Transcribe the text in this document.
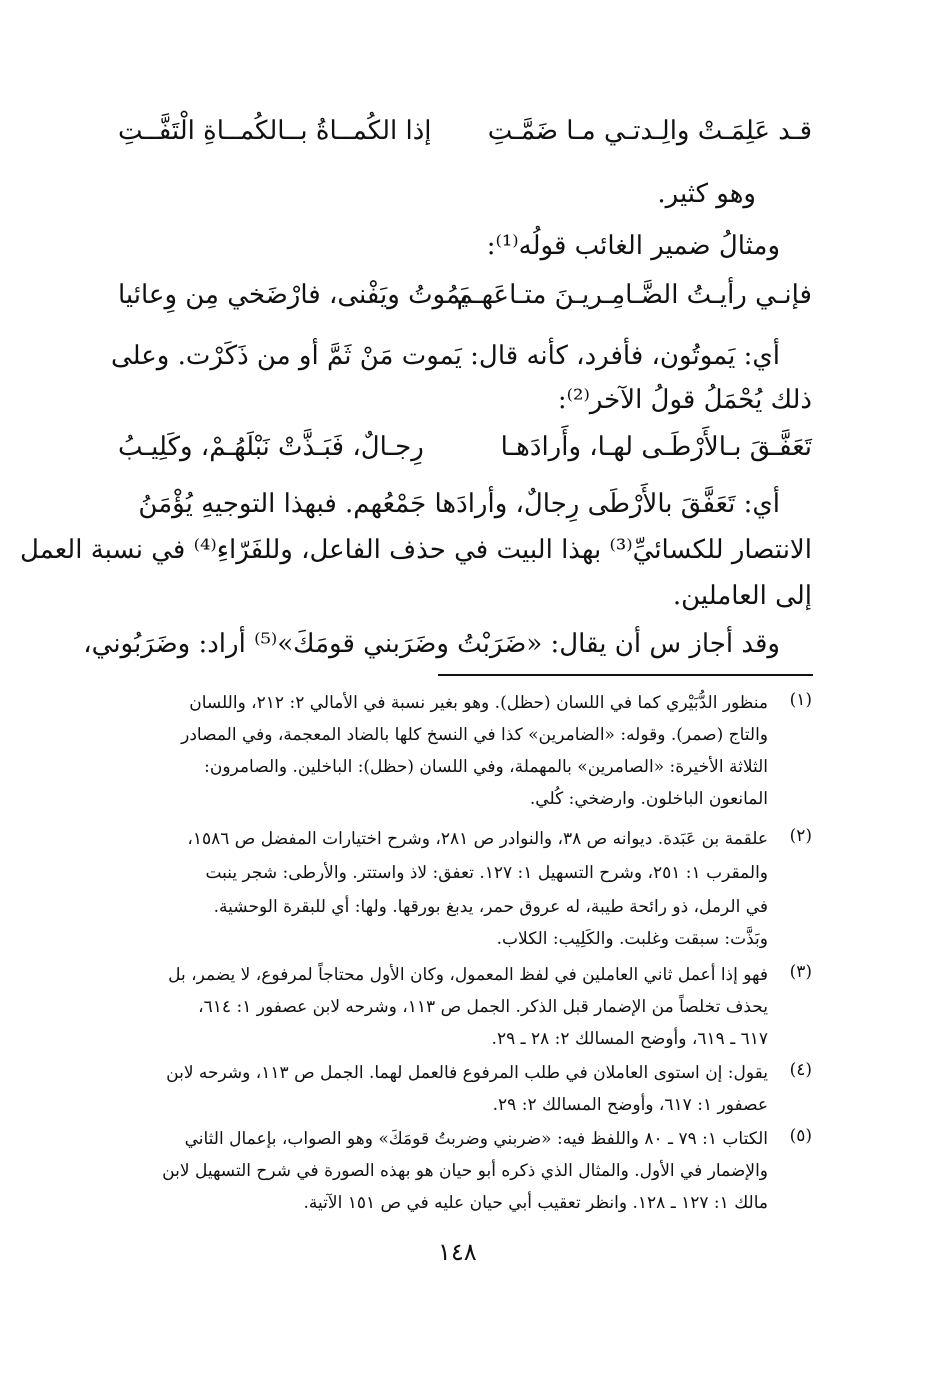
قـد عَلِمَـتْ والِـدتـي مـا ضَمَّـتِ
إذا الكُمــاةُ بــالكُمــاةِ الْتَفَّــتِ
وهو كثير.
ومثالُ ضمير الغائب قولُه⁽¹⁾:
فإنـي رأيـتُ الضَّـامِـريـنَ متـاعَهـم
يَمُوتُ ويَفْنى، فارْضَخي مِن وِعائيا
أي: يَموتُون، فأفرد، كأنه قال: يَموت مَنْ ثَمَّ أو من ذَكَرْت. وعلى
ذلك يُحْمَلُ قولُ الآخر⁽²⁾:
تَعَفَّـقَ بـالأَرْطَـى لهـا، وأَرادَهـا
رِجـالٌ، فَبَـذَّتْ نَبْلَهُـمْ، وكَلِيـبُ
أي: تَعَفَّقَ بالأَرْطَى رِجالٌ، وأرادَها جَمْعُهم. فبهذا التوجيهِ يُؤْمَنُ
الانتصار للكسائيِّ⁽³⁾ بهذا البيت في حذف الفاعل، وللفَرّاءِ⁽⁴⁾ في نسبة العمل
إلى العاملين.
وقد أجاز س أن يقال: «ضَرَبْتُ وضَرَبني قومَكَ»⁽⁵⁾ أراد: وضَرَبُوني،
(١)
منظور الدُّبَيْري كما في اللسان (حظل). وهو بغير نسبة في الأمالي ٢: ٢١٢، واللسان
والتاج (صمر). وقوله: «الضامرين» كذا في النسخ كلها بالضاد المعجمة، وفي المصادر
الثلاثة الأخيرة: «الصامرين» بالمهملة، وفي اللسان (حظل): الباخلين. والصامرون:
المانعون الباخلون. وارضخي: كُلي.
(٢)
علقمة بن عَبَدة. ديوانه ص ٣٨، والنوادر ص ٢٨١، وشرح اختيارات المفضل ص ١٥٨٦،
والمقرب ١: ٢٥١، وشرح التسهيل ١: ١٢٧. تعفق: لاذ واستتر. والأرطى: شجر ينبت
في الرمل، ذو رائحة طيبة، له عروق حمر، يدبغ بورقها. ولها: أي للبقرة الوحشية.
وبَذَّت: سبقت وغلبت. والكَلِيب: الكلاب.
(٣)
فهو إذا أعمل ثاني العاملين في لفظ المعمول، وكان الأول محتاجاً لمرفوع، لا يضمر، بل
يحذف تخلصاً من الإضمار قبل الذكر. الجمل ص ١١٣، وشرحه لابن عصفور ١: ٦١٤،
٦١٧ ـ ٦١٩، وأوضح المسالك ٢: ٢٨ ـ ٢٩.
(٤)
يقول: إن استوى العاملان في طلب المرفوع فالعمل لهما. الجمل ص ١١٣، وشرحه لابن
عصفور ١: ٦١٧، وأوضح المسالك ٢: ٢٩.
(٥)
الكتاب ١: ٧٩ ـ ٨٠ واللفظ فيه: «ضربني وضربتُ قومَكَ» وهو الصواب، بإعمال الثاني
والإضمار في الأول. والمثال الذي ذكره أبو حيان هو بهذه الصورة في شرح التسهيل لابن
مالك ١: ١٢٧ ـ ١٢٨. وانظر تعقيب أبي حيان عليه في ص ١٥١ الآتية.
١٤٨
